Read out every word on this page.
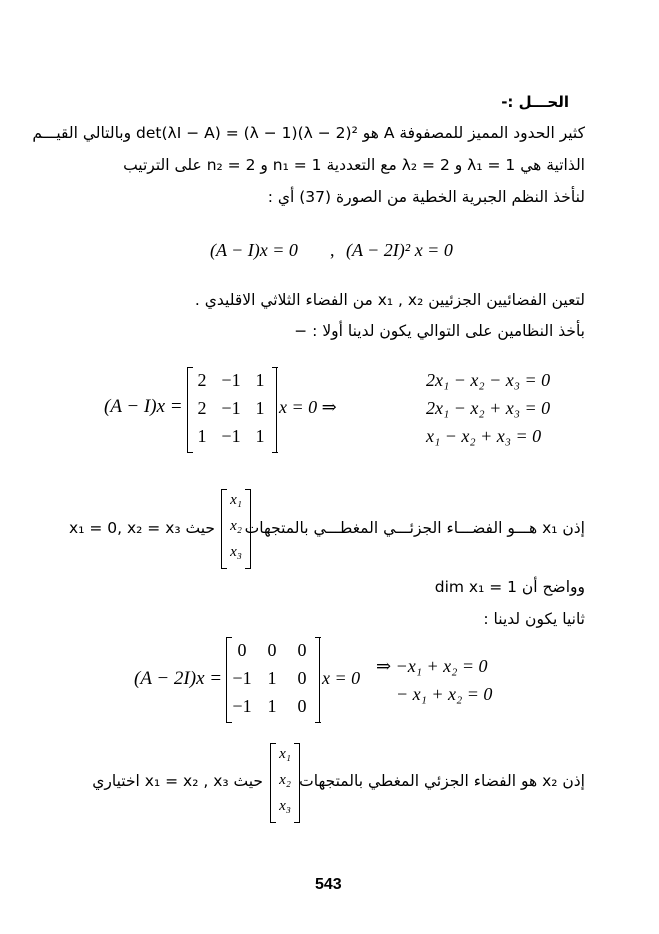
الحـــل :-
كثير الحدود المميز للمصفوفة A هو det(λI − A) = (λ − 1)(λ − 2)² وبالتالي القيـــم
الذاتية هي λ₁ = 1 و λ₂ = 2 مع التعددية n₁ = 1 و n₂ = 2 على الترتيب
لنأخذ النظم الجبرية الخطية من الصورة (37) أي :
(A − I)x = 0 , (A − 2I)² x = 0
لتعين الفضائيين الجزئيين x₁ , x₂ من الفضاء الثلاثي الاقليدي .
بأخذ النظامين على التوالي يكون لدينا أولا : −
(A − I)x =
2 −1 1
2 −1 1
1 −1 1
x = 0 ⇒
2x₁ − x₂ − x₃ = 0
2x₁ − x₂ + x₃ = 0
x₁ − x₂ + x₃ = 0
إذن x₁ هـــو الفضـــاء الجزئـــي المغطـــي بالمتجهات
x₁
x₂
x₃
حيث x₁ = 0, x₂ = x₃
وواضح أن dim x₁ = 1
ثانيا يكون لدينا :
(A − 2I)x =
0	0	0
−1 1	0
−1 1	0
x = 0
⇒ −x₁ + x₂ = 0
− x₁ + x₂ = 0
إذن x₂ هو الفضاء الجزئي المغطي بالمتجهات
x₁
x₂
x₃
حيث x₁ = x₂ , x₃ اختياري
543
